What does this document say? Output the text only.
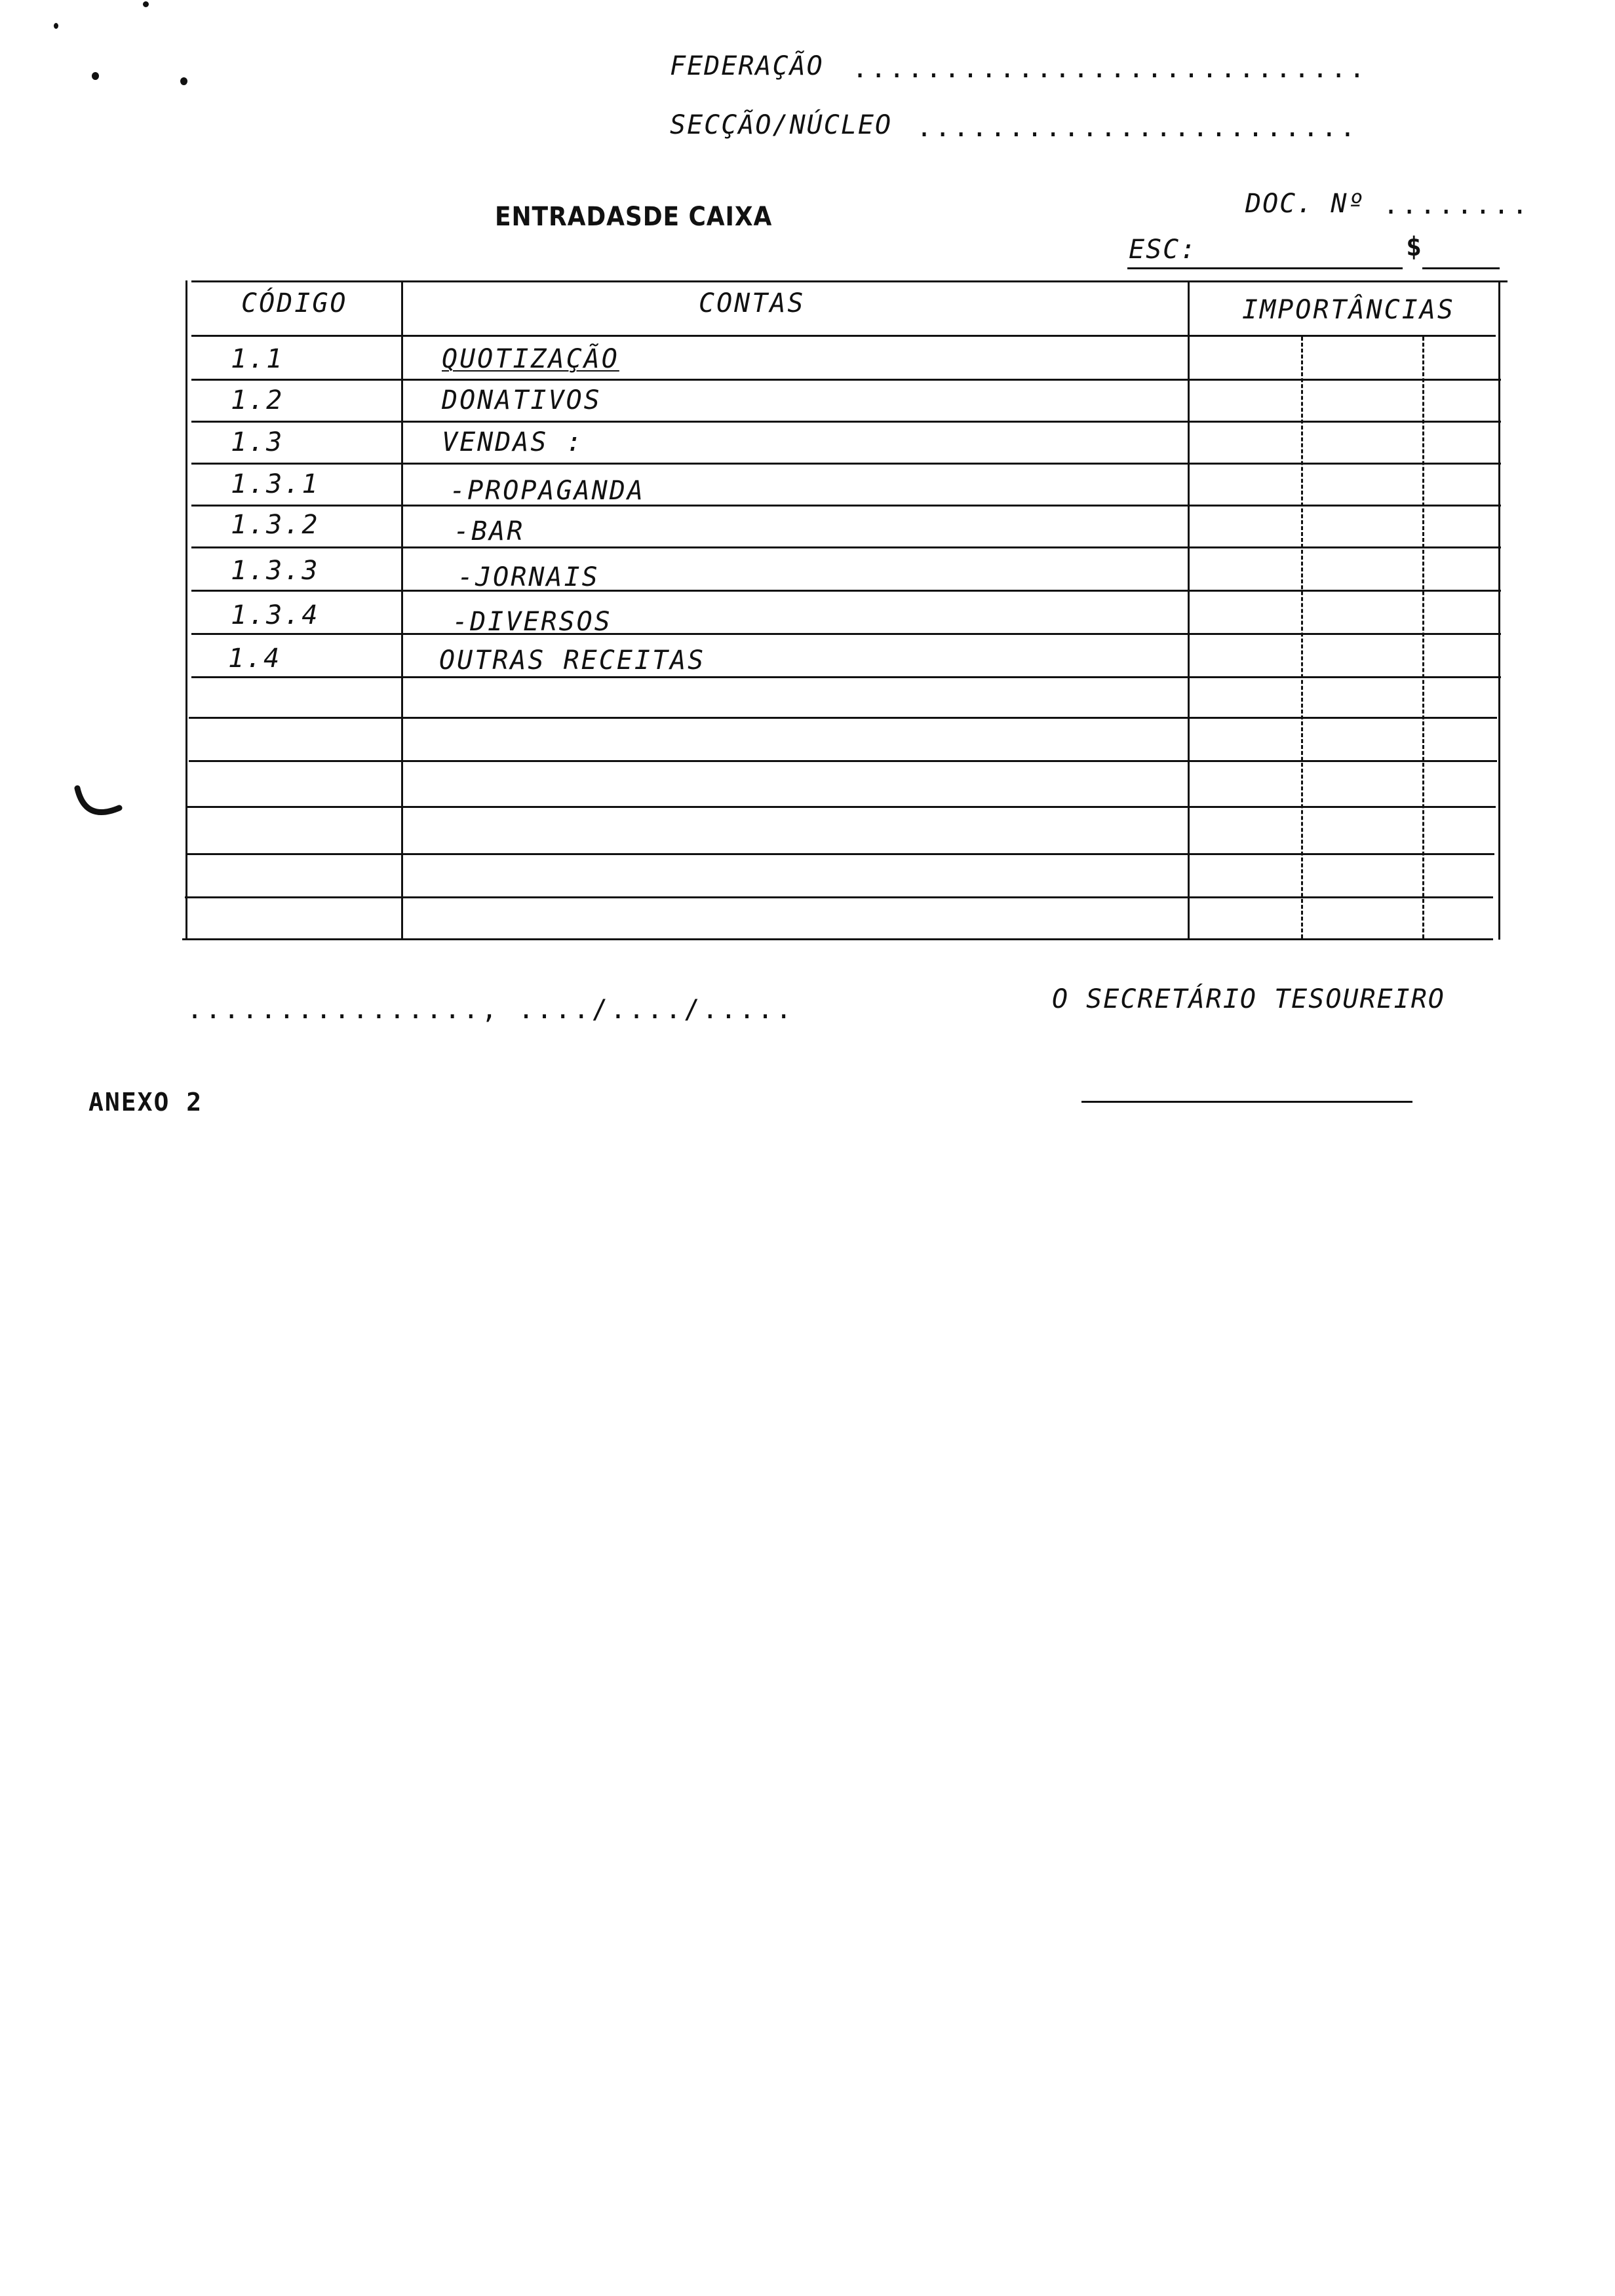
FEDERAÇÃO ............................
SECÇÃO/NÚCLEO ........................
ENTRADASDE CAIXA	DOC. Nº ........
ESC:	$
CÓDIGO	CONTAS	IMPORTÂNCIAS
1.1	QUOTIZAÇÃO
1.2	DONATIVOS
1.3	VENDAS :
1.3.1	-PROPAGANDA
1.3.2	-BAR
1.3.3	-JORNAIS
1.3.4	-DIVERSOS
1.4	OUTRAS RECEITAS
................, ..../..../.....	O SECRETÁRIO TESOUREIRO
ANEXO 2
